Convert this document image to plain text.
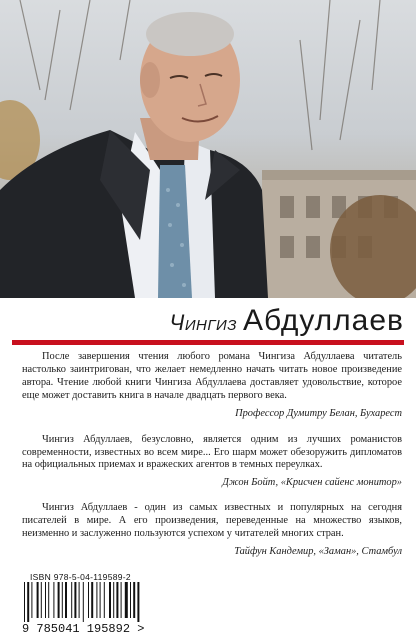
Чингиз Абдуллаев

После завершения чтения любого романа Чингиза Абдуллаева читатель настолько заинтригован, что желает немедленно начать читать новое произведение автора. Чтение любой книги Чингиза Абдуллаева доставляет удовольствие, которое еще может доставить книга в начале двадцать первого века.

Профессор Думитру Белан, Бухарест

Чингиз Абдуллаев, безусловно, является одним из лучших романистов современности, известных во всем мире... Его шарм может обезоружить дипломатов на официальных приемах и вражеских агентов в темных переулках.

Джон Бойт, «Крисчен сайенс монитор»

Чингиз Абдуллаев - один из самых известных и популярных на сегодня писателей в мире. А его произведения, переведенные на множество языков, неизменно и заслуженно пользуются успехом у читателей многих стран.

Тайфун Кандемир, «Заман», Стамбул

ISBN 978-5-04-119589-2
9 785041 195892 >
